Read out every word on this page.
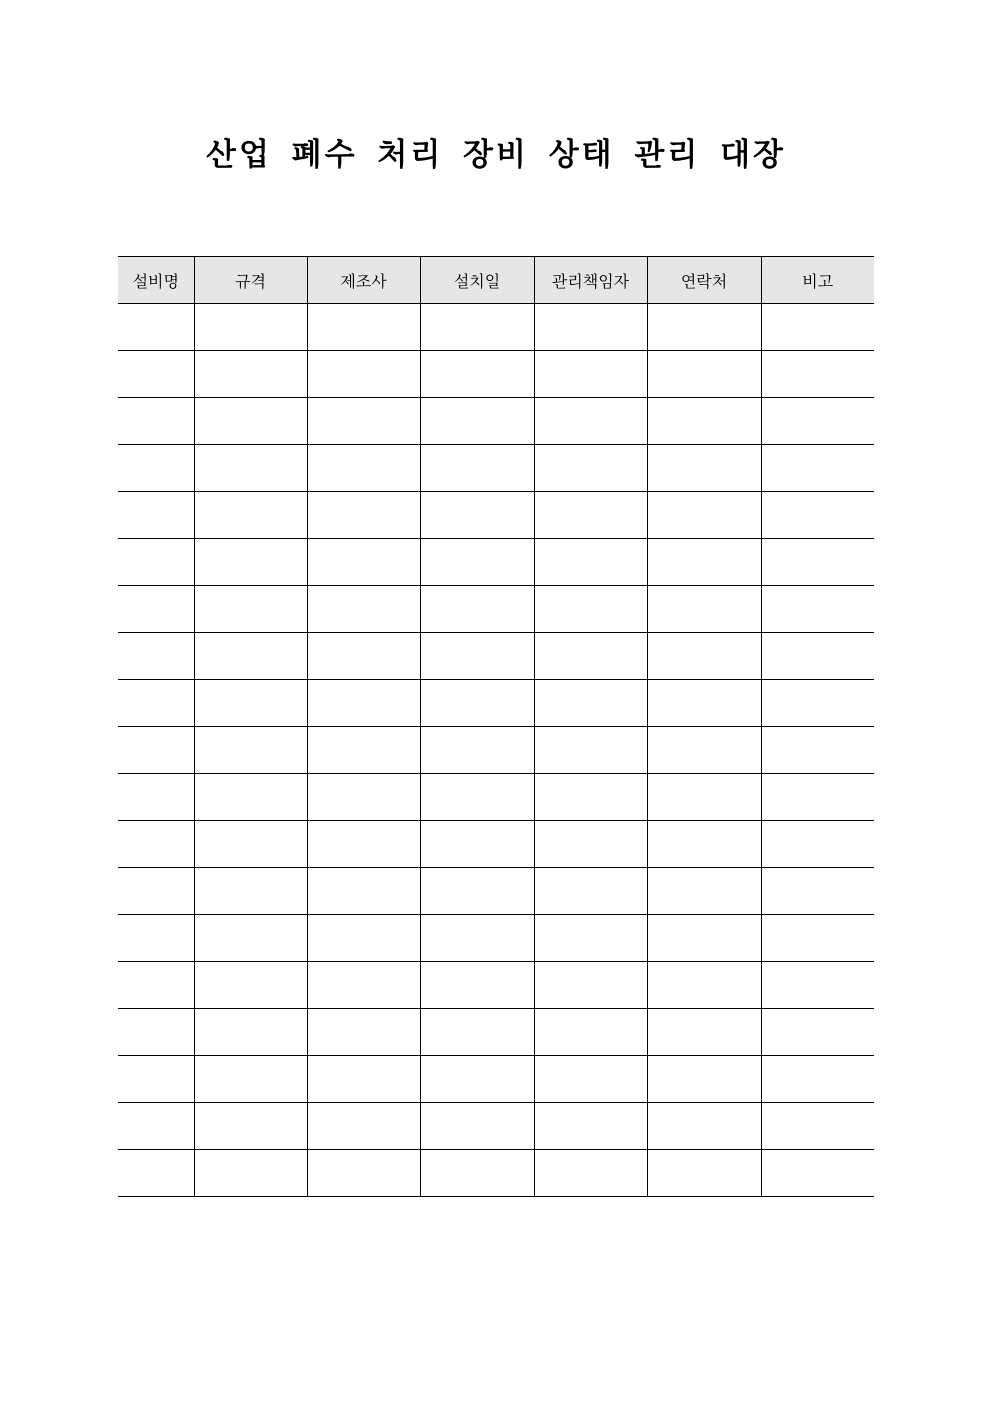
산업 폐수 처리 장비 상태 관리 대장
설비명	규격	제조사	설치일	관리책임자	연락처	비고
